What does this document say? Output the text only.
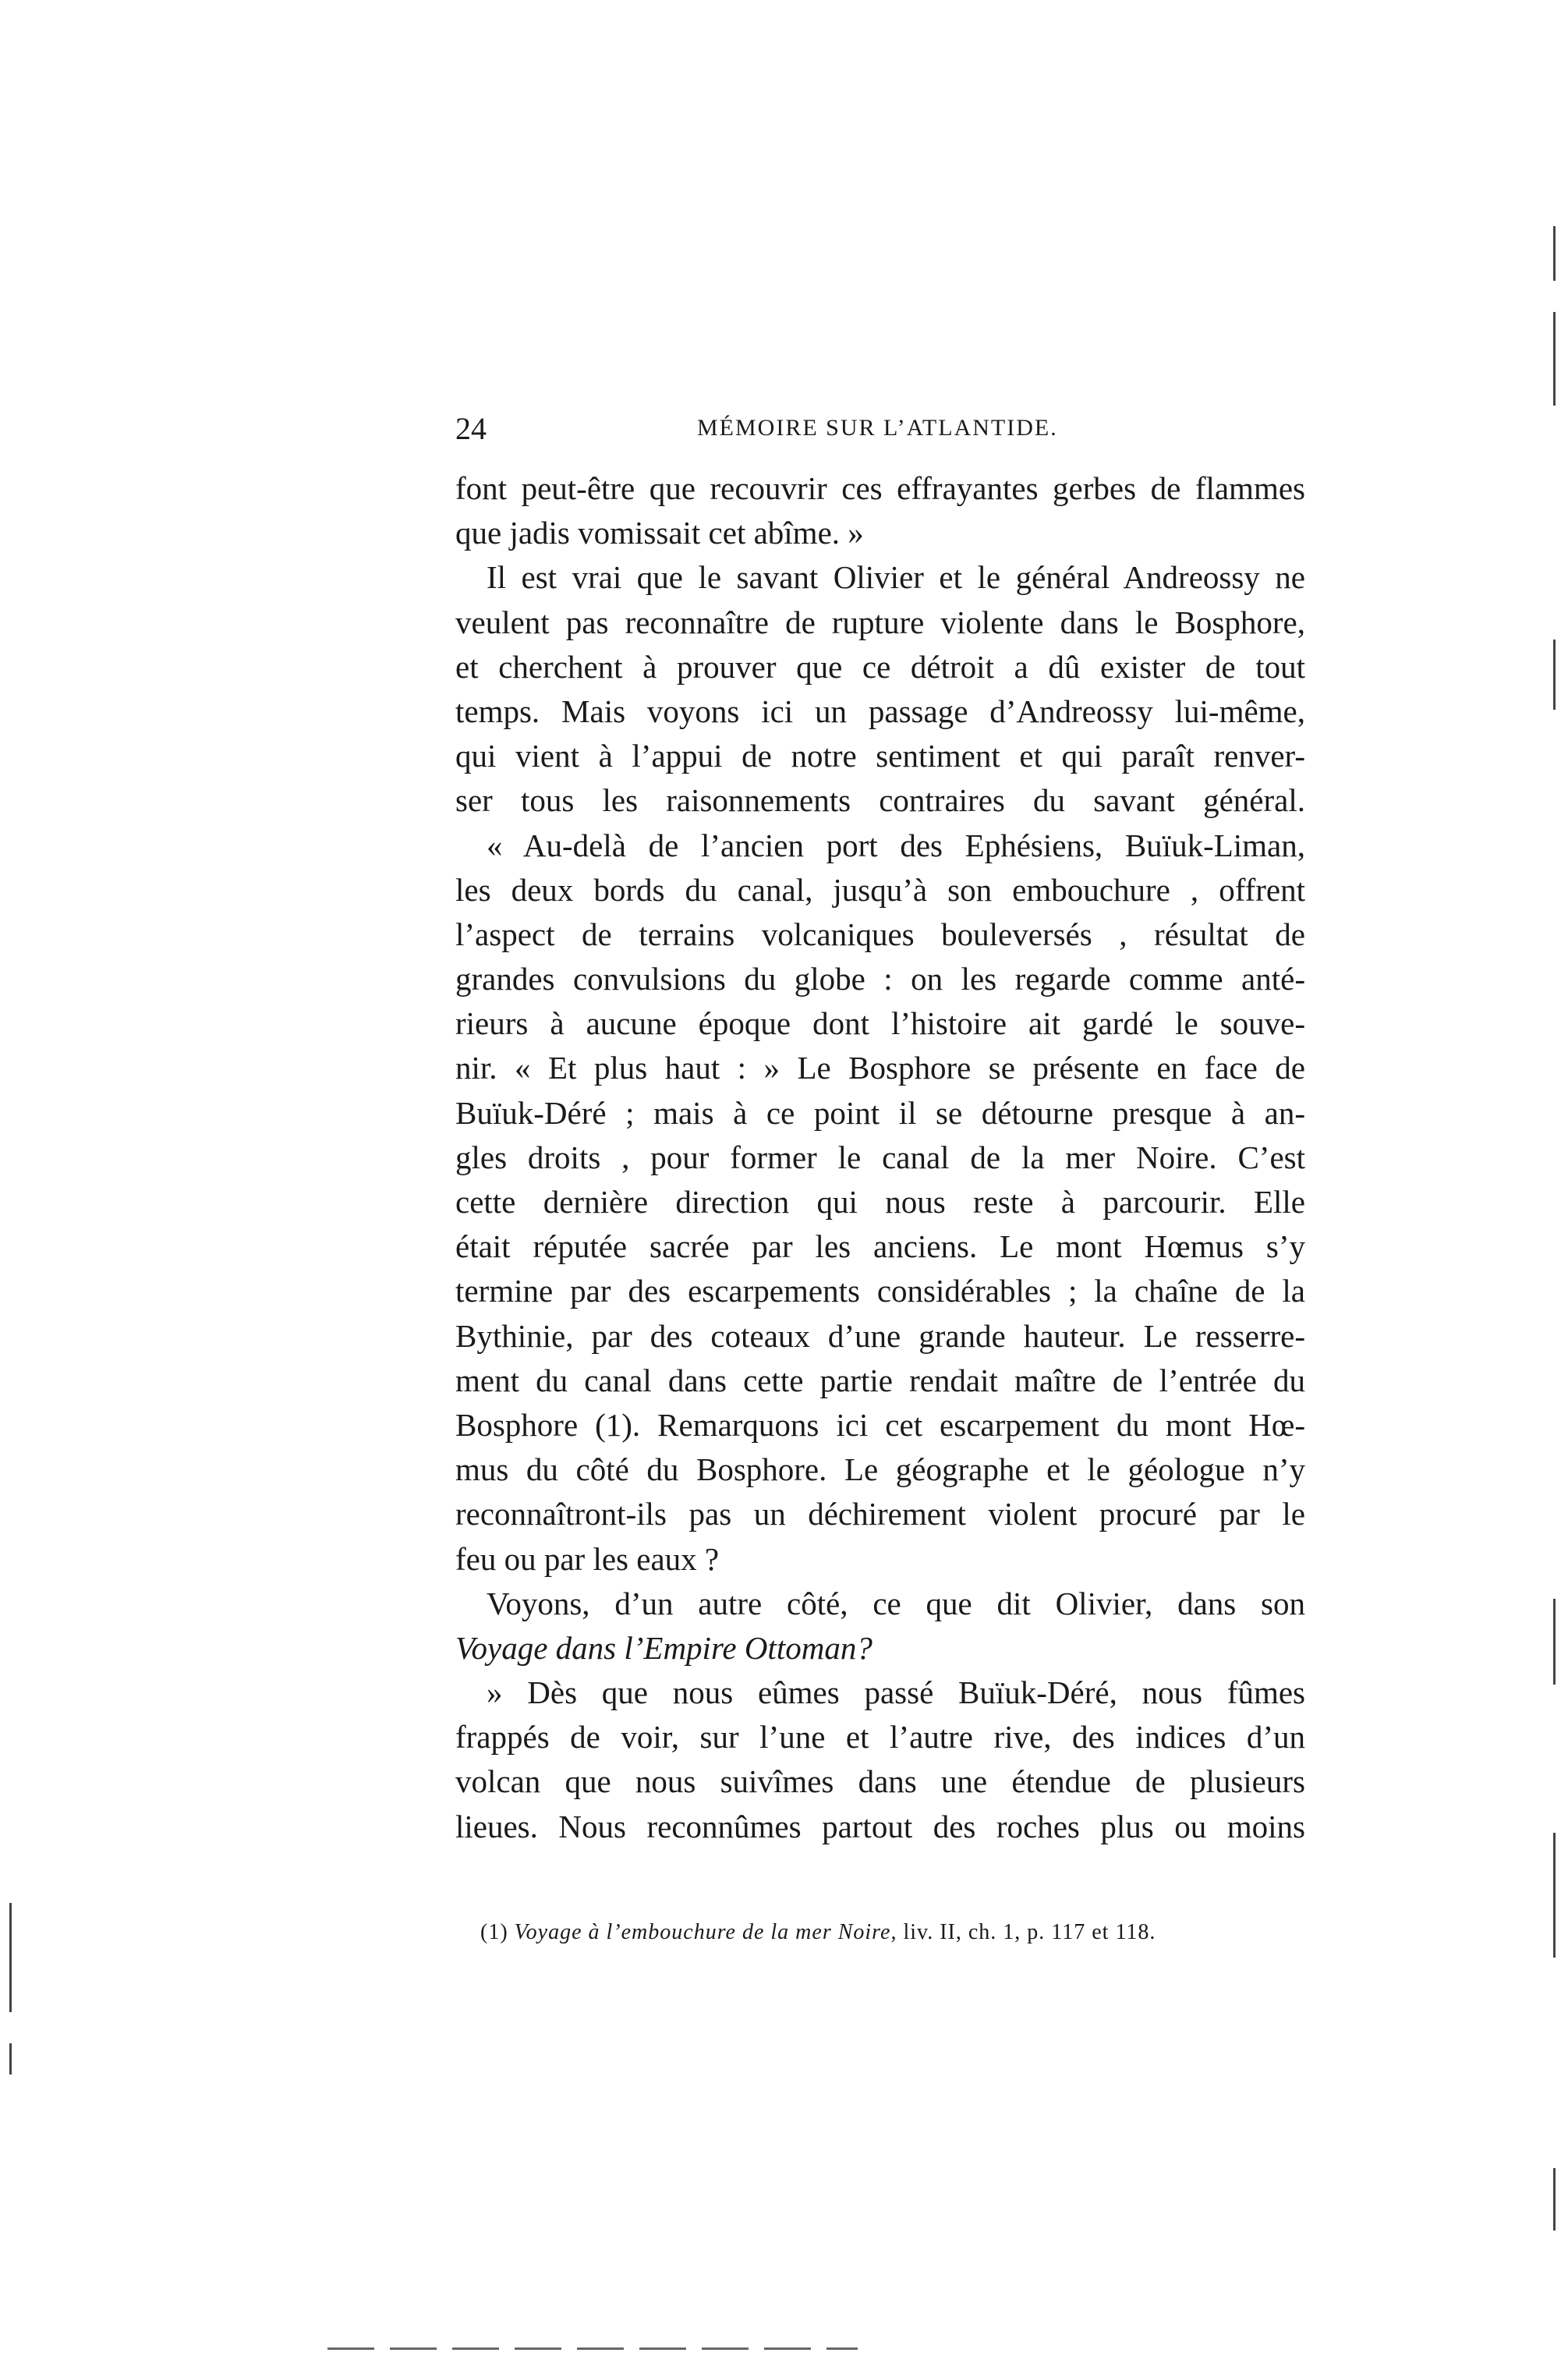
24	MÉMOIRE SUR L’ATLANTIDE.
font peut-être que recouvrir ces effrayantes gerbes de flammes
que jadis vomissait cet abîme. »
Il est vrai que le savant Olivier et le général Andreossy ne
veulent pas reconnaître de rupture violente dans le Bosphore,
et cherchent à prouver que ce détroit a dû exister de tout
temps. Mais voyons ici un passage d’Andreossy lui-même,
qui vient à l’appui de notre sentiment et qui paraît renver-
ser tous les raisonnements contraires du savant général.
« Au-delà de l’ancien port des Ephésiens, Buïuk-Liman,
les deux bords du canal, jusqu’à son embouchure , offrent
l’aspect de terrains volcaniques bouleversés , résultat de
grandes convulsions du globe : on les regarde comme anté-
rieurs à aucune époque dont l’histoire ait gardé le souve-
nir. « Et plus haut : » Le Bosphore se présente en face de
Buïuk-Déré ; mais à ce point il se détourne presque à an-
gles droits , pour former le canal de la mer Noire. C’est
cette dernière direction qui nous reste à parcourir. Elle
était réputée sacrée par les anciens. Le mont Hœmus s’y
termine par des escarpements considérables ; la chaîne de la
Bythinie, par des coteaux d’une grande hauteur. Le resserre-
ment du canal dans cette partie rendait maître de l’entrée du
Bosphore (1). Remarquons ici cet escarpement du mont Hœ-
mus du côté du Bosphore. Le géographe et le géologue n’y
reconnaîtront-ils pas un déchirement violent procuré par le
feu ou par les eaux ?
Voyons, d’un autre côté, ce que dit Olivier, dans son
Voyage dans l’Empire Ottoman?
» Dès que nous eûmes passé Buïuk-Déré, nous fûmes
frappés de voir, sur l’une et l’autre rive, des indices d’un
volcan que nous suivîmes dans une étendue de plusieurs
lieues. Nous reconnûmes partout des roches plus ou moins
(1) Voyage à l’embouchure de la mer Noire, liv. II, ch. 1, p. 117 et 118.
